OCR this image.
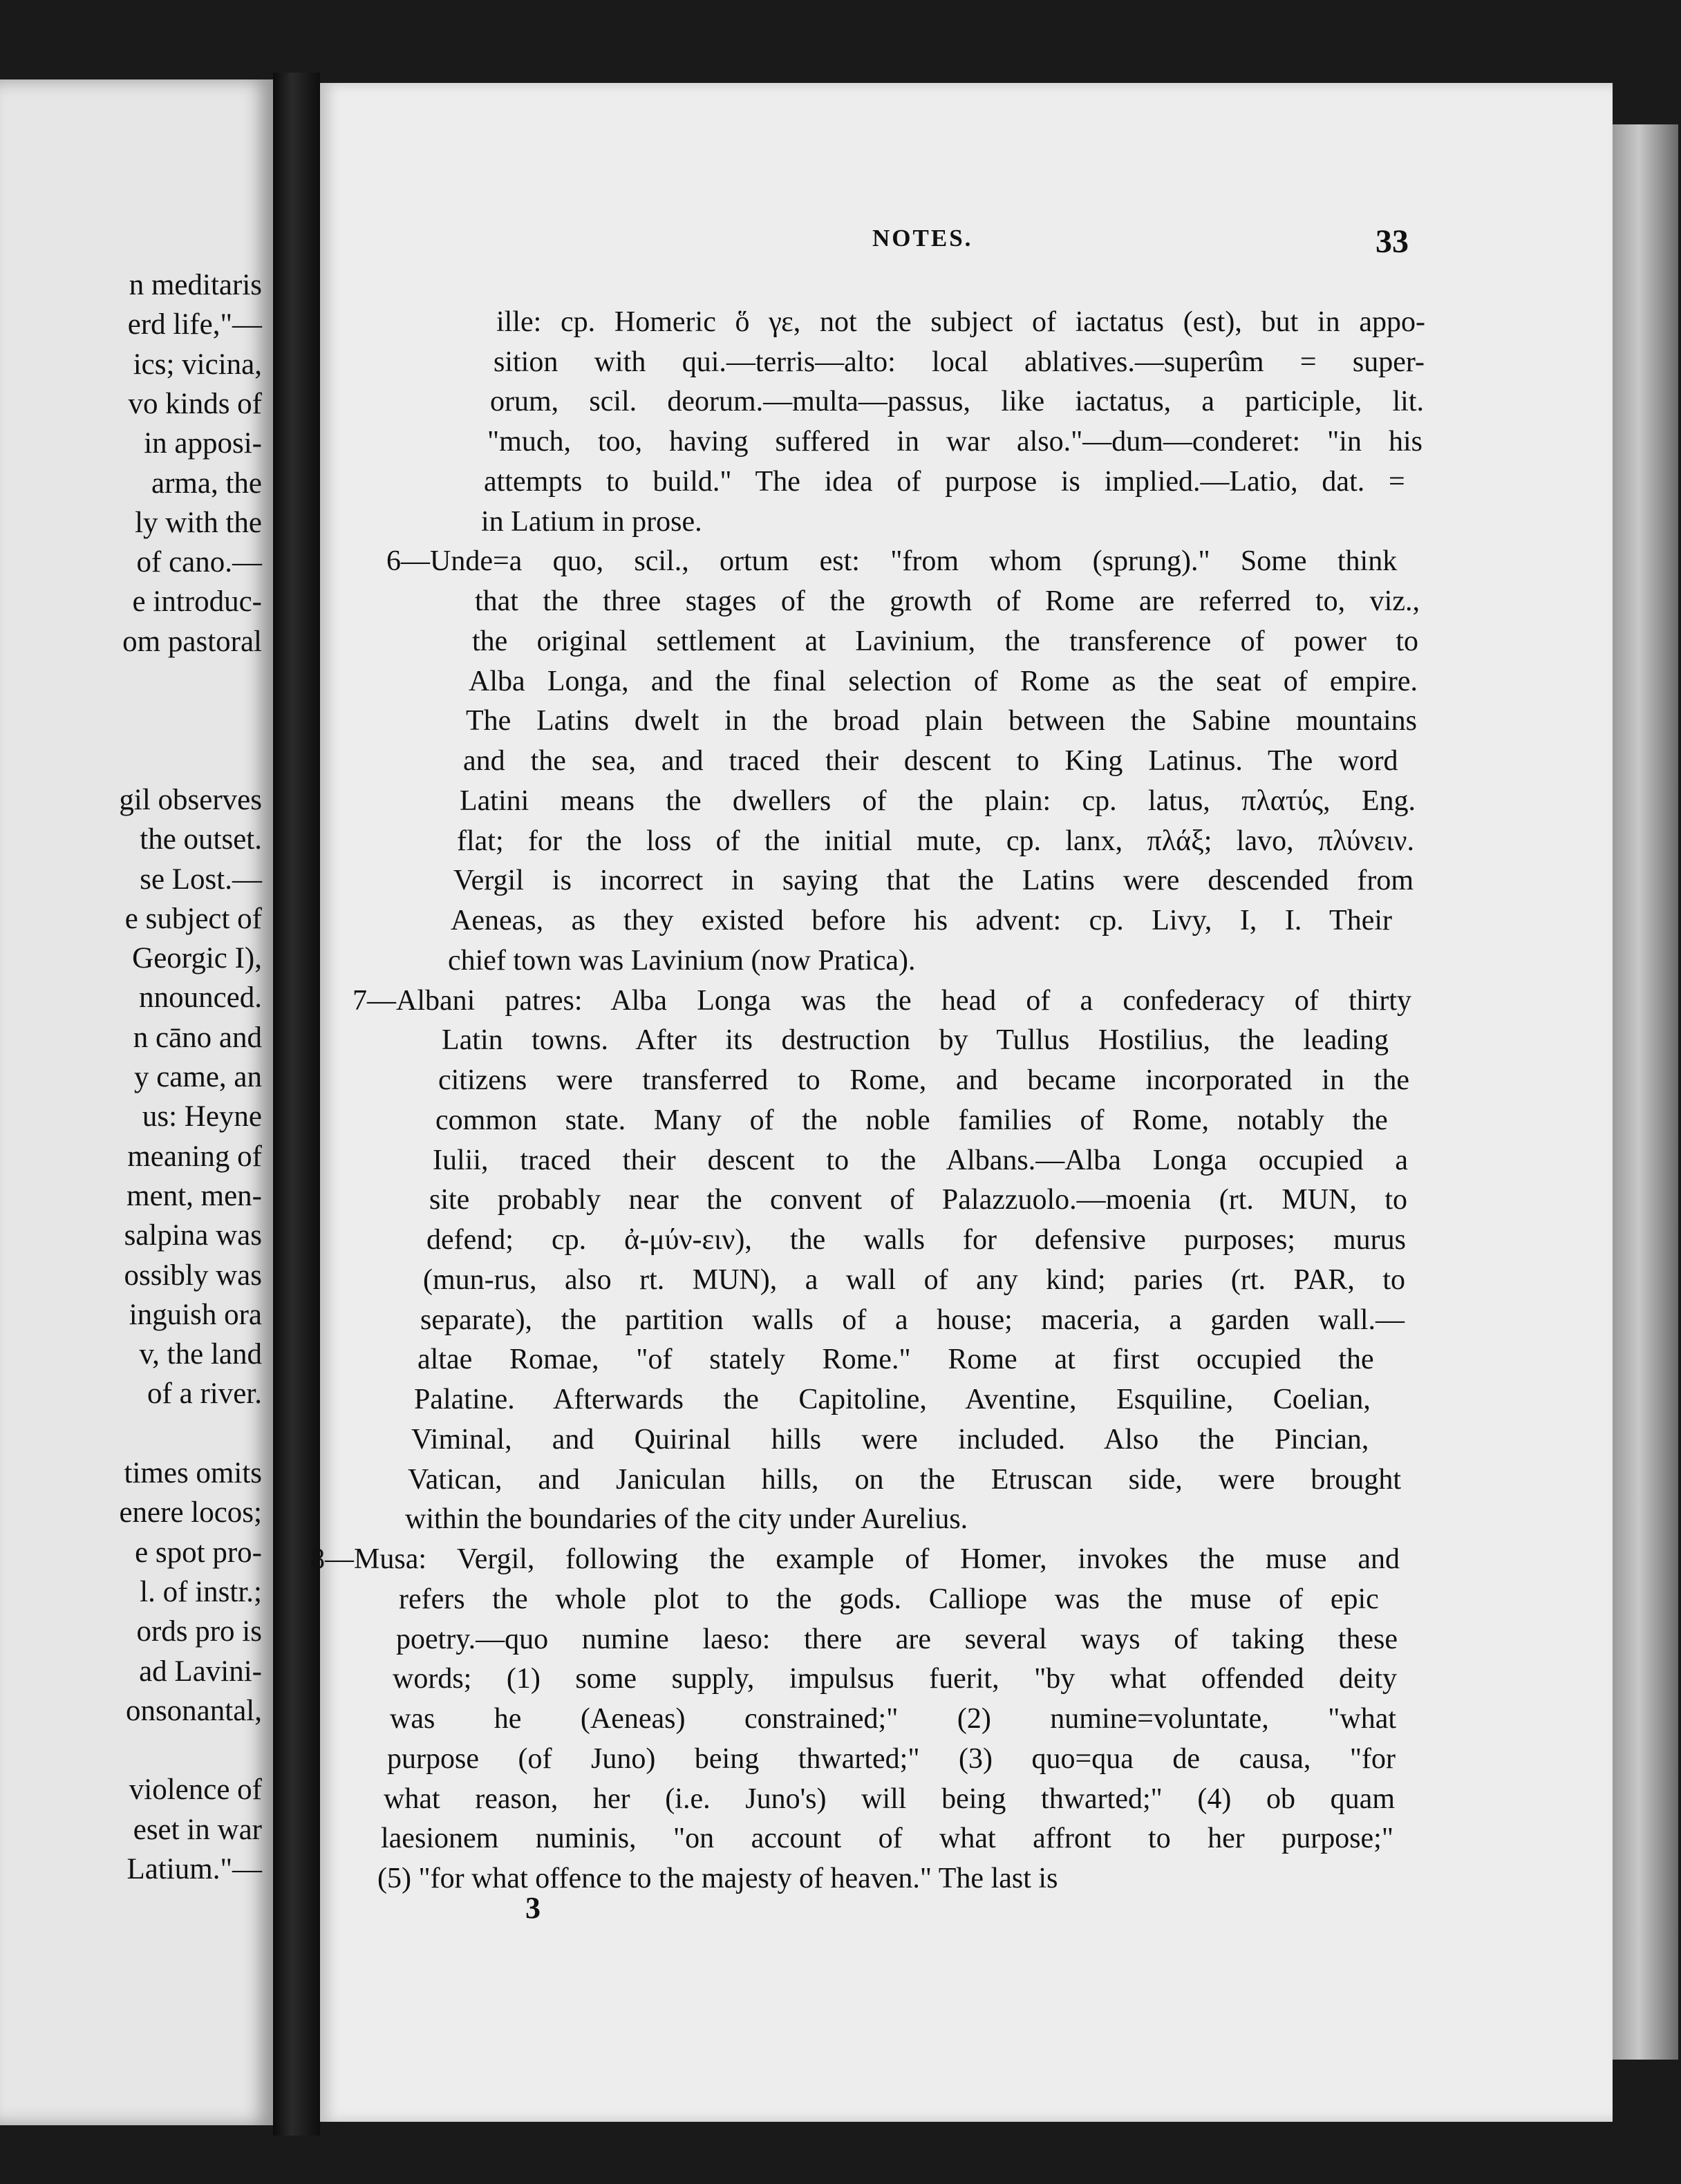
n meditaris
erd life,"—
ics; vicina,
vo kinds of
in apposi-
arma, the
ly with the
of cano.—
e introduc-
om pastoral
gil observes
the outset.
se Lost.—
e subject of
Georgic I),
nnounced.
n cāno and
y came, an
us: Heyne
meaning of
ment, men-
salpina was
ossibly was
inguish ora
v, the land
of a river.
times omits
enere locos;
e spot pro-
l. of instr.;
ords pro is
ad Lavini-
onsonantal,
violence of
eset in war
Latium."—
NOTES.	33
ille: cp. Homeric ὅ γε, not the subject of iactatus (est), but in appo-
sition with qui.—terris—alto: local ablatives.—superûm = super-
orum, scil. deorum.—multa—passus, like iactatus, a participle, lit.
"much, too, having suffered in war also."—dum—conderet: "in his
attempts to build." The idea of purpose is implied.—Latio, dat. =
in Latium in prose.
6—Unde=a quo, scil., ortum est: "from whom (sprung)." Some think
that the three stages of the growth of Rome are referred to, viz.,
the original settlement at Lavinium, the transference of power to
Alba Longa, and the final selection of Rome as the seat of empire.
The Latins dwelt in the broad plain between the Sabine mountains
and the sea, and traced their descent to King Latinus. The word
Latini means the dwellers of the plain: cp. latus, πλατύς, Eng.
flat; for the loss of the initial mute, cp. lanx, πλάξ; lavo, πλύνειν.
Vergil is incorrect in saying that the Latins were descended from
Aeneas, as they existed before his advent: cp. Livy, I, I. Their
chief town was Lavinium (now Pratica).
7—Albani patres: Alba Longa was the head of a confederacy of thirty
Latin towns. After its destruction by Tullus Hostilius, the leading
citizens were transferred to Rome, and became incorporated in the
common state. Many of the noble families of Rome, notably the
Iulii, traced their descent to the Albans.—Alba Longa occupied a
site probably near the convent of Palazzuolo.—moenia (rt. MUN, to
defend; cp. ἀ-μύν-ειν), the walls for defensive purposes; murus
(mun-rus, also rt. MUN), a wall of any kind; paries (rt. PAR, to
separate), the partition walls of a house; maceria, a garden wall.—
altae Romae, "of stately Rome." Rome at first occupied the
Palatine. Afterwards the Capitoline, Aventine, Esquiline, Coelian,
Viminal, and Quirinal hills were included. Also the Pincian,
Vatican, and Janiculan hills, on the Etruscan side, were brought
within the boundaries of the city under Aurelius.
8—Musa: Vergil, following the example of Homer, invokes the muse and
refers the whole plot to the gods. Calliope was the muse of epic
poetry.—quo numine laeso: there are several ways of taking these
words; (1) some supply, impulsus fuerit, "by what offended deity
was he (Aeneas) constrained;" (2) numine=voluntate, "what
purpose (of Juno) being thwarted;" (3) quo=qua de causa, "for
what reason, her (i.e. Juno's) will being thwarted;" (4) ob quam
laesionem numinis, "on account of what affront to her purpose;"
(5) "for what offence to the majesty of heaven." The last is
3
